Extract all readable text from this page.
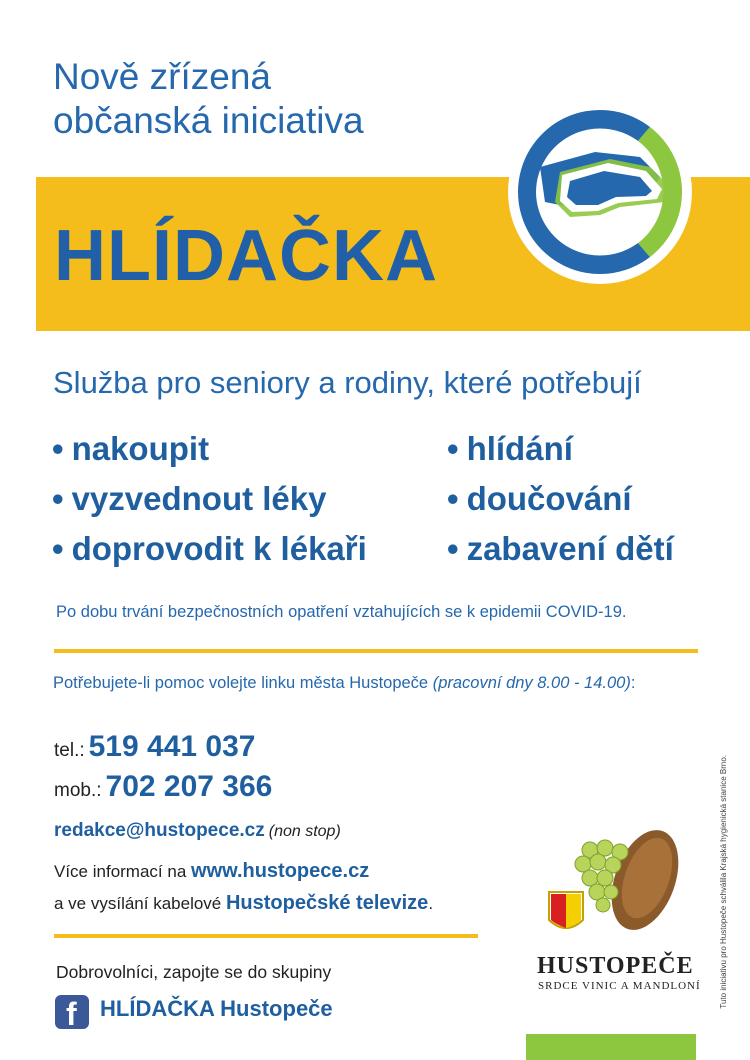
Nově zřízená
občanská iniciativa
HLÍDAČKA
Služba pro seniory a rodiny, které potřebují
• nakoupit
• vyzvednout léky
• doprovodit k lékaři
• hlídání
• doučování
• zabavení dětí
Po dobu trvání bezpečnostních opatření vztahujících se k epidemii COVID-19.
Potřebujete-li pomoc volejte linku města Hustopeče (pracovní dny 8.00 - 14.00):
tel.: 519 441 037
mob.: 702 207 366
redakce@hustopece.cz (non stop)
Více informací na www.hustopece.cz
a ve vysílání kabelové Hustopečské televize.
Dobrovolníci, zapojte se do skupiny
f HLÍDAČKA Hustopeče
HUSTOPEČE
SRDCE VINIC A MANDLONÍ Tuto iniciativu pro Hustopeče schválila Krajská hygienická stanice Brno.
